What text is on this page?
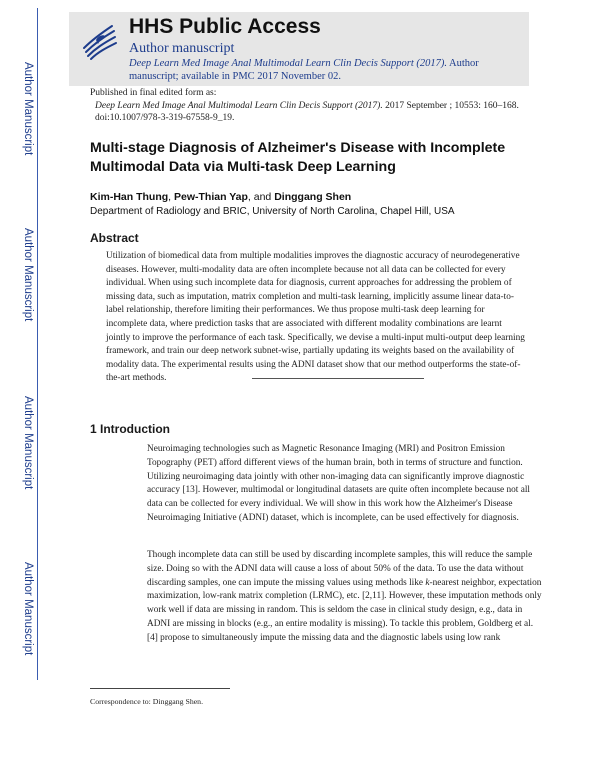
Author Manuscript
Author Manuscript
Author Manuscript
Author Manuscript
HHS Public Access
Author manuscript
Deep Learn Med Image Anal Multimodal Learn Clin Decis Support (2017). Author manuscript; available in PMC 2017 November 02.
Published in final edited form as:
Deep Learn Med Image Anal Multimodal Learn Clin Decis Support (2017). 2017 September ; 10553: 160–168. doi:10.1007/978-3-319-67558-9_19.
Multi-stage Diagnosis of Alzheimer's Disease with Incomplete Multimodal Data via Multi-task Deep Learning
Kim-Han Thung, Pew-Thian Yap, and Dinggang Shen
Department of Radiology and BRIC, University of North Carolina, Chapel Hill, USA
Abstract
Utilization of biomedical data from multiple modalities improves the diagnostic accuracy of neurodegenerative diseases. However, multi-modality data are often incomplete because not all data can be collected for every individual. When using such incomplete data for diagnosis, current approaches for addressing the problem of missing data, such as imputation, matrix completion and multi-task learning, implicitly assume linear data-to-label relationship, therefore limiting their performances. We thus propose multi-task deep learning for incomplete data, where prediction tasks that are associated with different modality combinations are learnt jointly to improve the performance of each task. Specifically, we devise a multi-input multi-output deep learning framework, and train our deep network subnet-wise, partially updating its weights based on the availability of modality data. The experimental results using the ADNI dataset show that our method outperforms the state-of-the-art methods.
1 Introduction
Neuroimaging technologies such as Magnetic Resonance Imaging (MRI) and Positron Emission Topography (PET) afford different views of the human brain, both in terms of structure and function. Utilizing neuroimaging data jointly with other non-imaging data can significantly improve diagnostic accuracy [13]. However, multimodal or longitudinal datasets are quite often incomplete because not all data can be collected for every individual. We will show in this work how the Alzheimer's Disease Neuroimaging Initiative (ADNI) dataset, which is incomplete, can be used effectively for diagnosis.
Though incomplete data can still be used by discarding incomplete samples, this will reduce the sample size. Doing so with the ADNI data will cause a loss of about 50% of the data. To use the data without discarding samples, one can impute the missing values using methods like k-nearest neighbor, expectation maximization, low-rank matrix completion (LRMC), etc. [2,11]. However, these imputation methods only work well if data are missing in random. This is seldom the case in clinical study design, e.g., data in ADNI are missing in blocks (e.g., an entire modality is missing). To tackle this problem, Goldberg et al. [4] propose to simultaneously impute the missing data and the diagnostic labels using low rank
Correspondence to: Dinggang Shen.
